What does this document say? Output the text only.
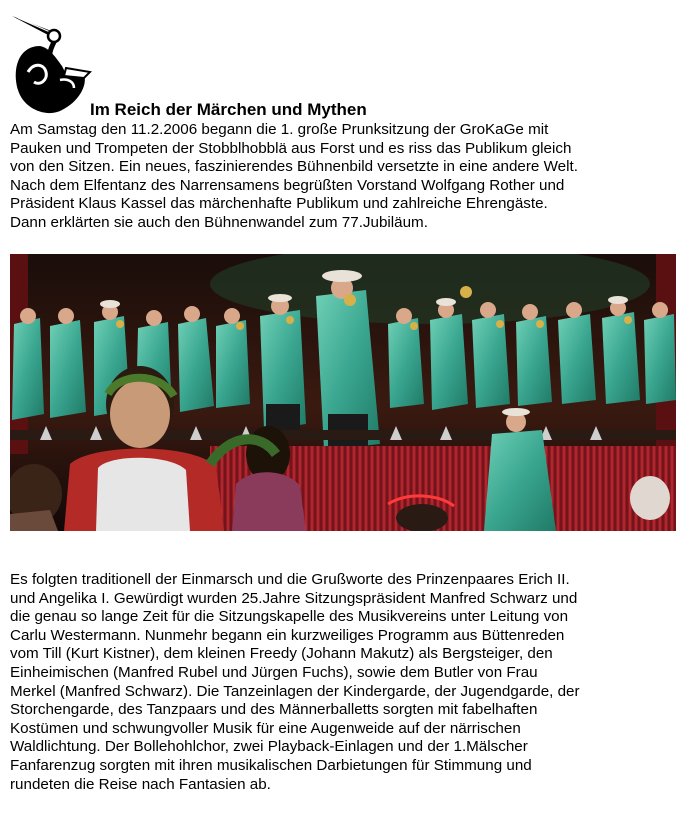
Im Reich der Märchen und Mythen
Am Samstag den 11.2.2006 begann die 1. große Prunksitzung der GroKaGe mit
Pauken und Trompeten der Stobblhobblä aus Forst und es riss das Publikum gleich
von den Sitzen. Ein neues, faszinierendes Bühnenbild versetzte in eine andere Welt.
Nach dem Elfentanz des Narrensamens begrüßten Vorstand Wolfgang Rother und
Präsident Klaus Kassel das märchenhafte Publikum und zahlreiche Ehrengäste.
Dann erklärten sie auch den Bühnenwandel zum 77.Jubiläum.
Es folgten traditionell der Einmarsch und die Grußworte des Prinzenpaares Erich II.
und Angelika I. Gewürdigt wurden 25.Jahre Sitzungspräsident Manfred Schwarz und
die genau so lange Zeit für die Sitzungskapelle des Musikvereins unter Leitung von
Carlu Westermann. Nunmehr begann ein kurzweiliges Programm aus Büttenreden
vom Till (Kurt Kistner), dem kleinen Freedy (Johann Makutz) als Bergsteiger, den
Einheimischen (Manfred Rubel und Jürgen Fuchs), sowie dem Butler von Frau
Merkel (Manfred Schwarz). Die Tanzeinlagen der Kindergarde, der Jugendgarde, der
Storchengarde, des Tanzpaars und des Männerballetts sorgten mit fabelhaften
Kostümen und schwungvoller Musik für eine Augenweide auf der närrischen
Waldlichtung. Der Bollehohlchor, zwei Playback-Einlagen und der 1.Mälscher
Fanfarenzug sorgten mit ihren musikalischen Darbietungen für Stimmung und
rundeten die Reise nach Fantasien ab.
